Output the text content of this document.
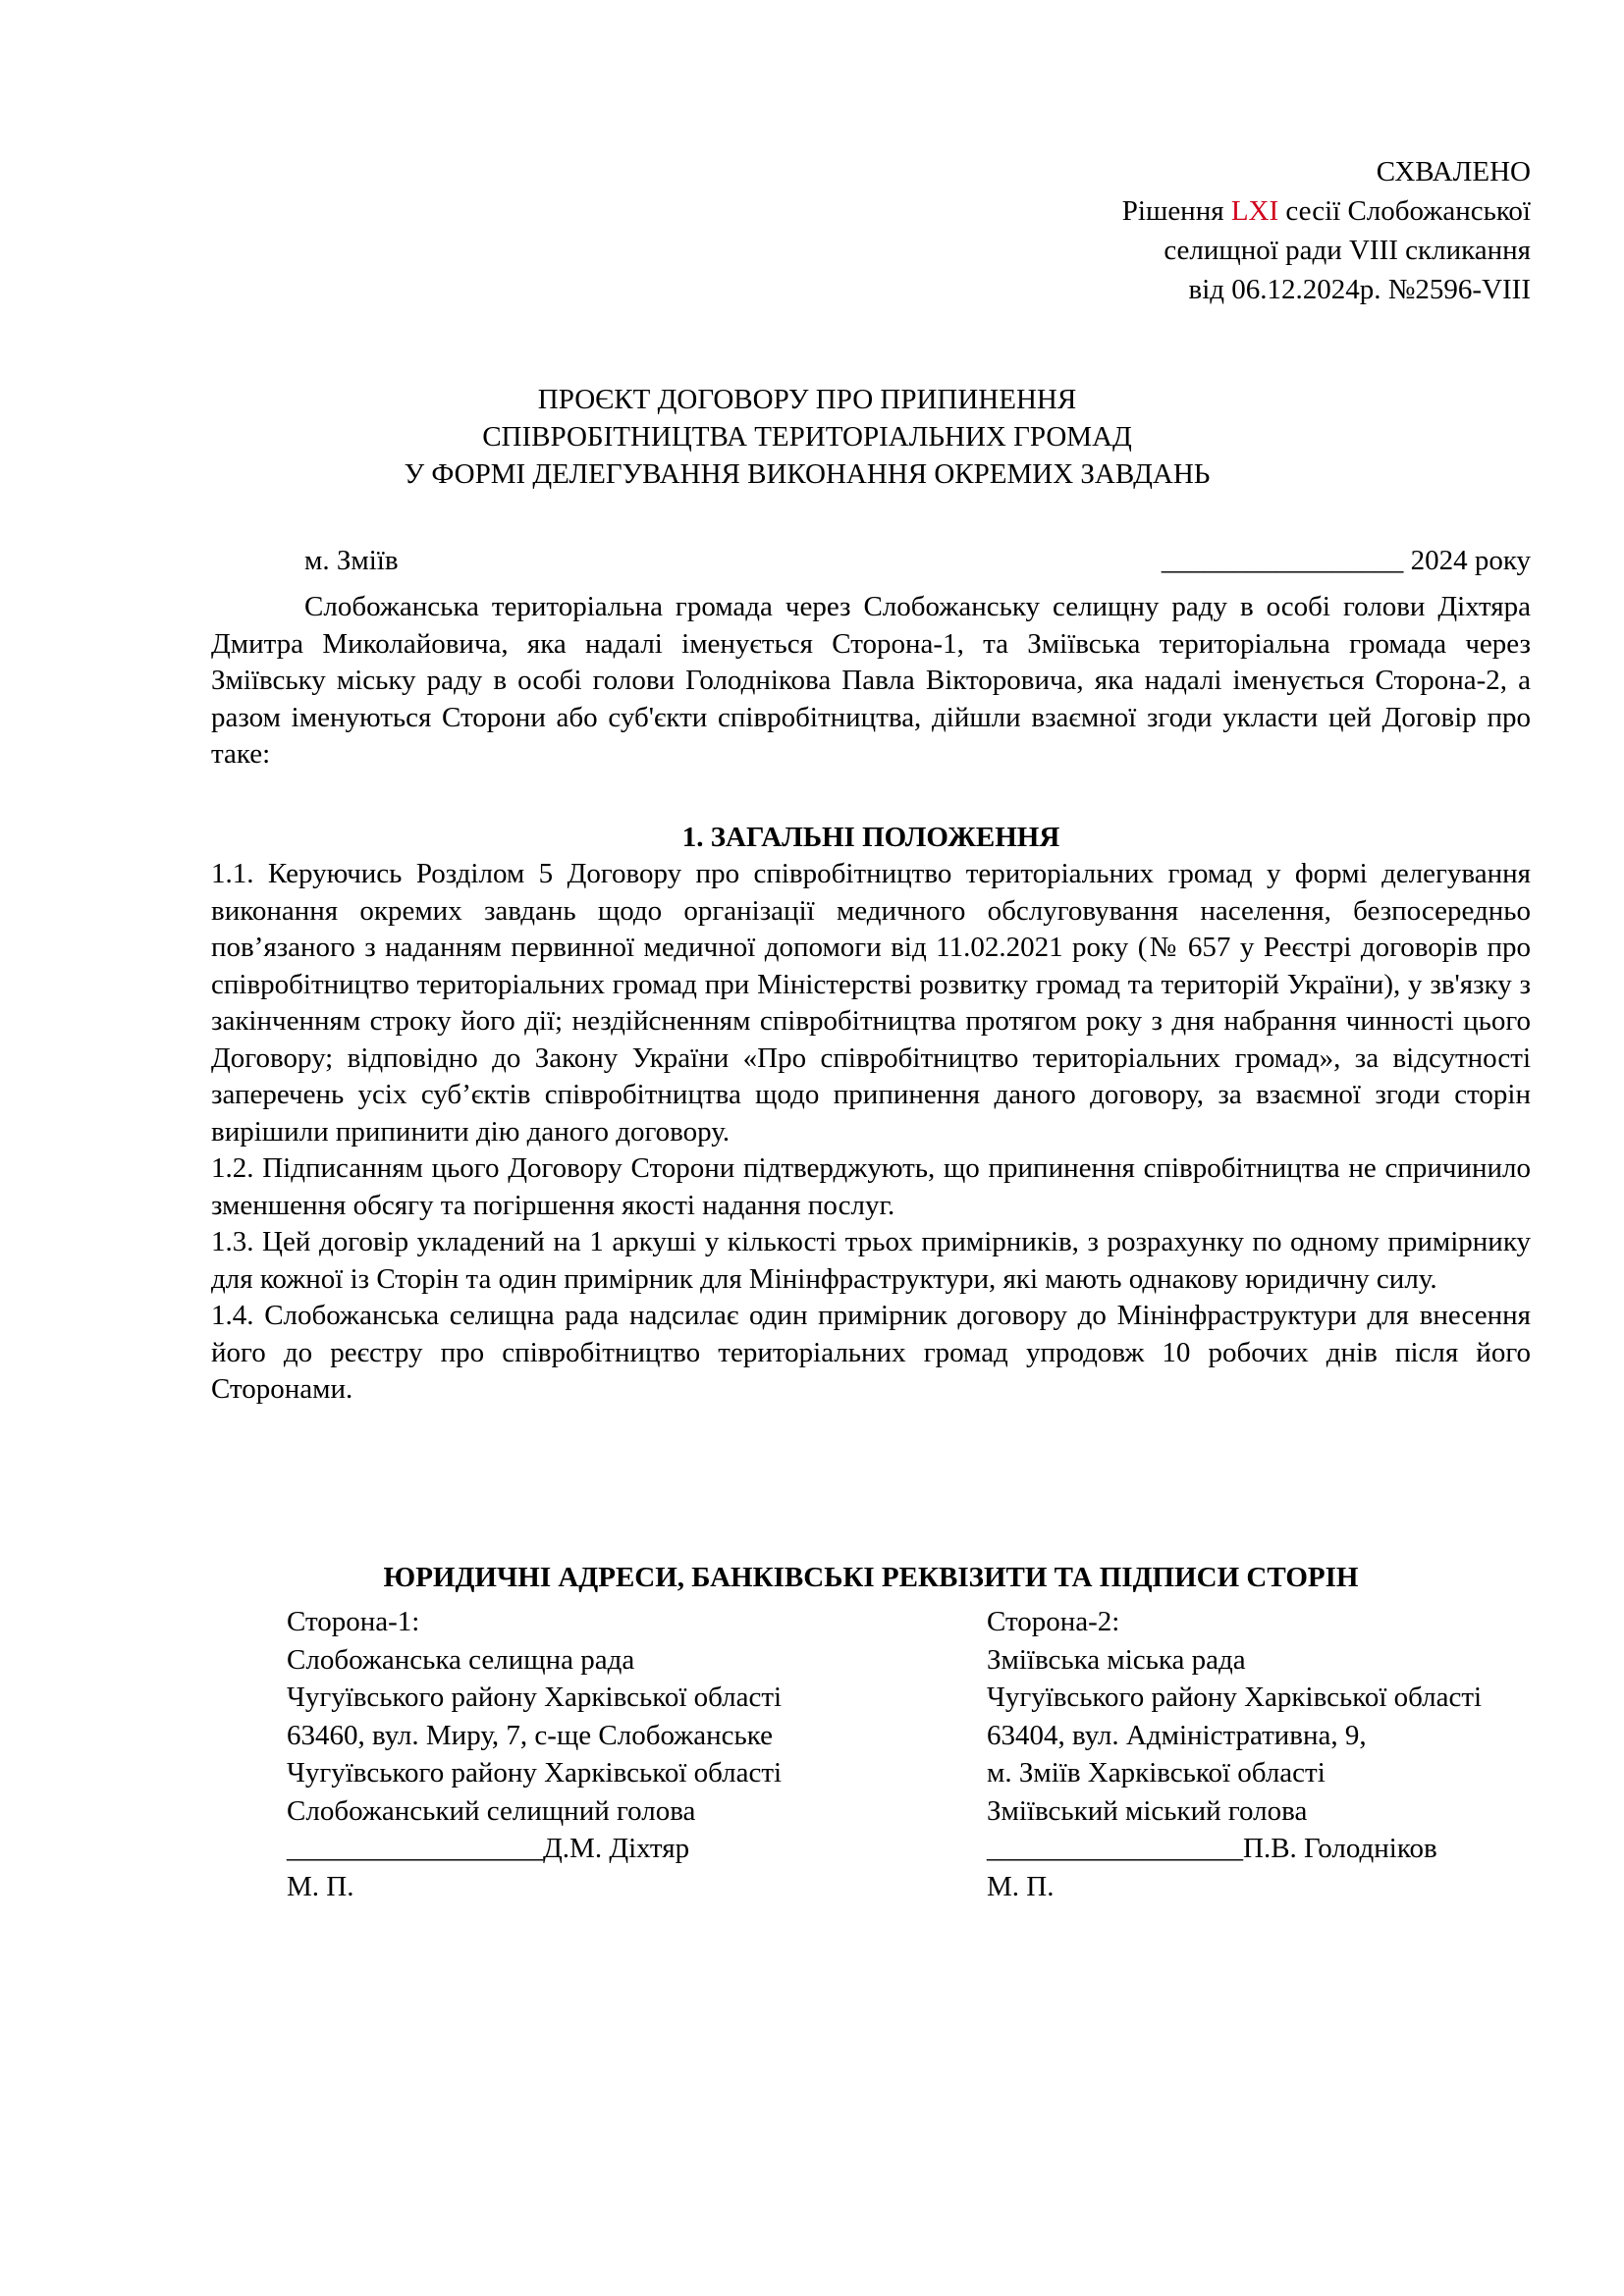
СХВАЛЕНО
Рішення LXI сесії Слобожанської
селищної ради VIII скликання
від 06.12.2024р. №2596-VIII
ПРОЄКТ ДОГОВОРУ ПРО ПРИПИНЕННЯ
СПІВРОБІТНИЦТВА ТЕРИТОРІАЛЬНИХ ГРОМАД
У ФОРМІ ДЕЛЕГУВАННЯ ВИКОНАННЯ ОКРЕМИХ ЗАВДАНЬ
м. Зміїв	_________________ 2024 року
Слобожанська територіальна громада через Слобожанську селищну раду в особі голови Діхтяра Дмитра Миколайовича, яка надалі іменується Сторона-1, та Зміївська територіальна громада через Зміївську міську раду в особі голови Голоднікова Павла Вікторовича, яка надалі іменується Сторона-2, а разом іменуються Сторони або суб'єкти співробітництва, дійшли взаємної згоди укласти цей Договір про таке:
1. ЗАГАЛЬНІ ПОЛОЖЕННЯ

1.1. Керуючись Розділом 5 Договору про співробітництво територіальних громад у формі делегування виконання окремих завдань щодо організації медичного обслуговування населення, безпосередньо пов’язаного з наданням первинної медичної допомоги від 11.02.2021 року (№ 657 у Реєстрі договорів про співробітництво територіальних громад при Міністерстві розвитку громад та територій України), у зв'язку з закінченням строку його дії; нездійсненням співробітництва протягом року з дня набрання чинності цього Договору; відповідно до Закону України «Про співробітництво територіальних громад», за відсутності заперечень усіх суб’єктів співробітництва щодо припинення даного договору, за взаємної згоди сторін вирішили припинити дію даного договору.

1.2. Підписанням цього Договору Сторони підтверджують, що припинення співробітництва не спричинило зменшення обсягу та погіршення якості надання послуг.

1.3. Цей договір укладений на 1 аркуші у кількості трьох примірників, з розрахунку по одному примірнику для кожної із Сторін та один примірник для Мінінфраструктури, які мають однакову юридичну силу.

1.4. Слобожанська селищна рада надсилає один примірник договору до Мінінфраструктури для внесення його до реєстру про співробітництво територіальних громад упродовж 10 робочих днів після його Сторонами.

ЮРИДИЧНІ АДРЕСИ, БАНКІВСЬКІ РЕКВІЗИТИ ТА ПІДПИСИ СТОРІН
Сторона-1:
Слобожанська селищна рада
Чугуївського району Харківської області
63460, вул. Миру, 7, с-ще Слобожанське
Чугуївського району Харківської області
Слобожанський селищний голова
__________________Д.М. Діхтяр
М. П.
Сторона-2:
Зміївська міська рада
Чугуївського району Харківської області
63404, вул. Адміністративна, 9,
м. Зміїв Харківської області
Зміївський міський голова
__________________П.В. Голодніков
М. П.
